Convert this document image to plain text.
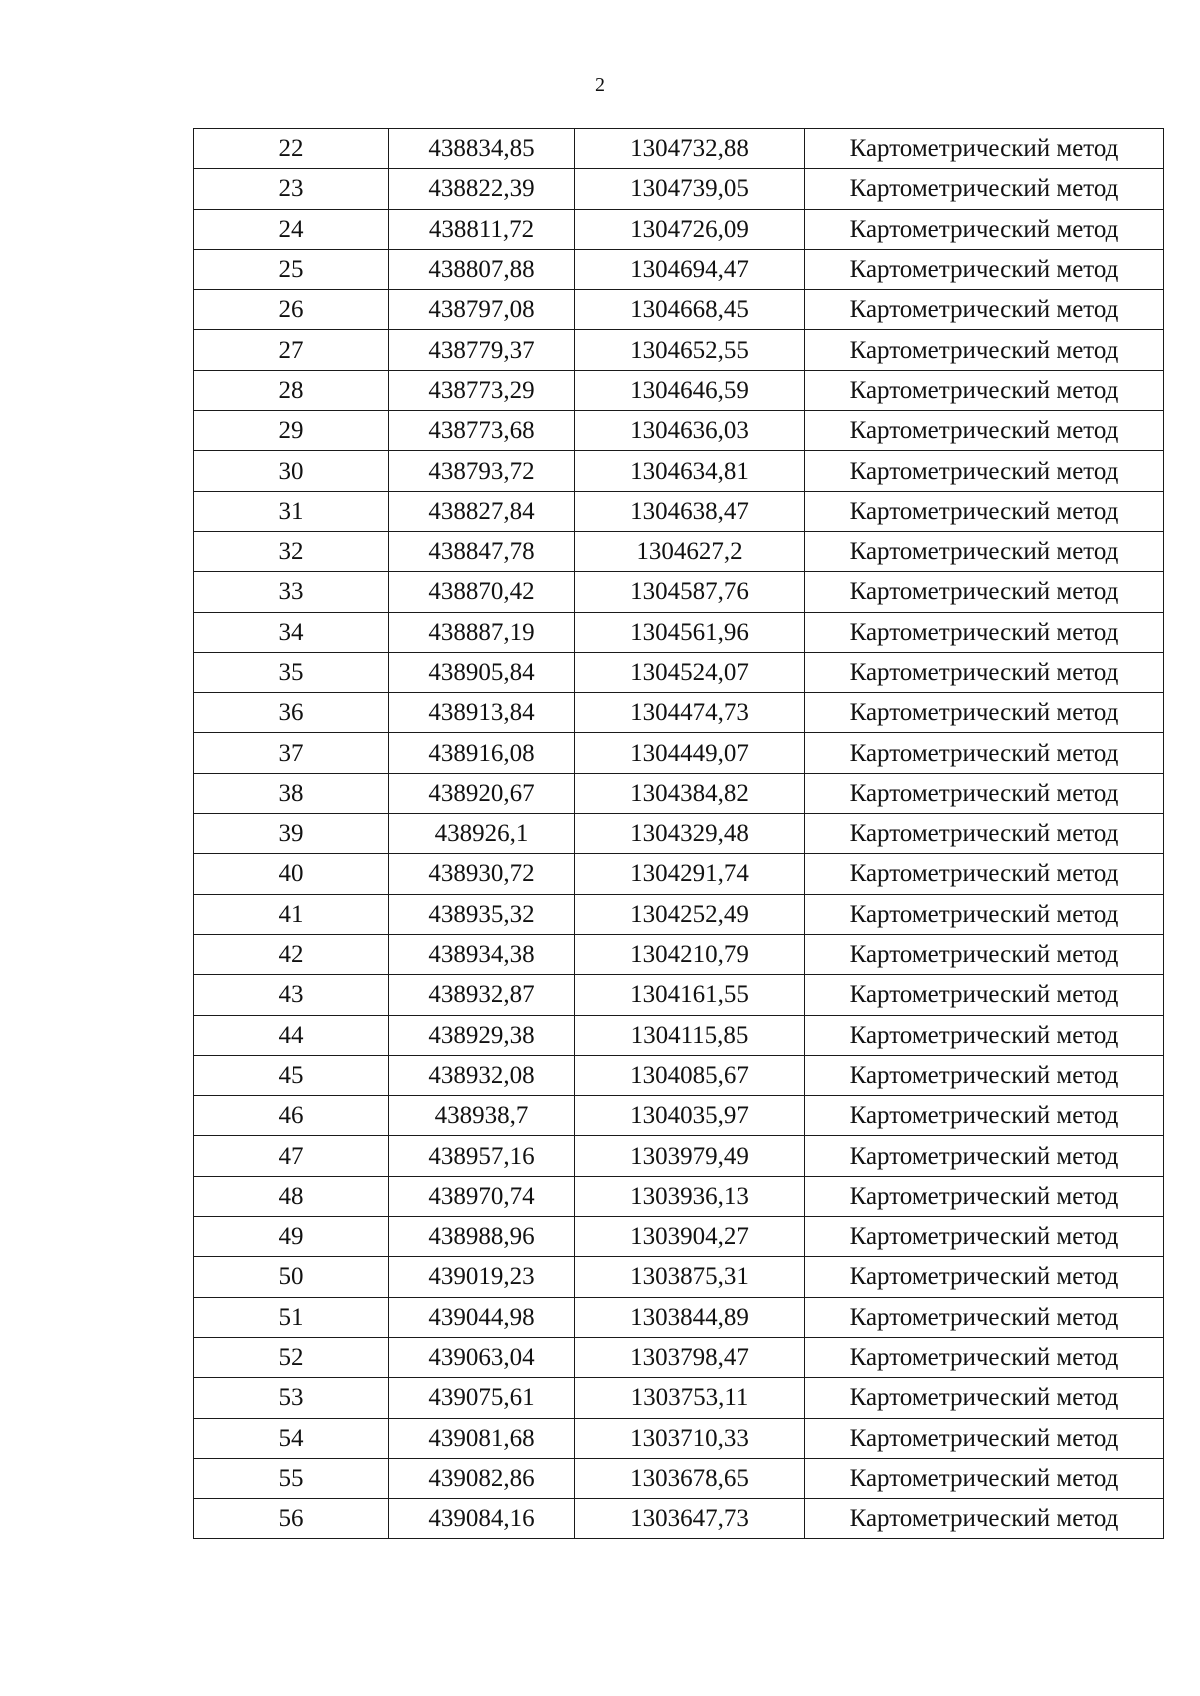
2
22	438834,85	1304732,88	Картометрический метод
23	438822,39	1304739,05	Картометрический метод
24	438811,72	1304726,09	Картометрический метод
25	438807,88	1304694,47	Картометрический метод
26	438797,08	1304668,45	Картометрический метод
27	438779,37	1304652,55	Картометрический метод
28	438773,29	1304646,59	Картометрический метод
29	438773,68	1304636,03	Картометрический метод
30	438793,72	1304634,81	Картометрический метод
31	438827,84	1304638,47	Картометрический метод
32	438847,78	1304627,2	Картометрический метод
33	438870,42	1304587,76	Картометрический метод
34	438887,19	1304561,96	Картометрический метод
35	438905,84	1304524,07	Картометрический метод
36	438913,84	1304474,73	Картометрический метод
37	438916,08	1304449,07	Картометрический метод
38	438920,67	1304384,82	Картометрический метод
39	438926,1	1304329,48	Картометрический метод
40	438930,72	1304291,74	Картометрический метод
41	438935,32	1304252,49	Картометрический метод
42	438934,38	1304210,79	Картометрический метод
43	438932,87	1304161,55	Картометрический метод
44	438929,38	1304115,85	Картометрический метод
45	438932,08	1304085,67	Картометрический метод
46	438938,7	1304035,97	Картометрический метод
47	438957,16	1303979,49	Картометрический метод
48	438970,74	1303936,13	Картометрический метод
49	438988,96	1303904,27	Картометрический метод
50	439019,23	1303875,31	Картометрический метод
51	439044,98	1303844,89	Картометрический метод
52	439063,04	1303798,47	Картометрический метод
53	439075,61	1303753,11	Картометрический метод
54	439081,68	1303710,33	Картометрический метод
55	439082,86	1303678,65	Картометрический метод
56	439084,16	1303647,73	Картометрический метод
